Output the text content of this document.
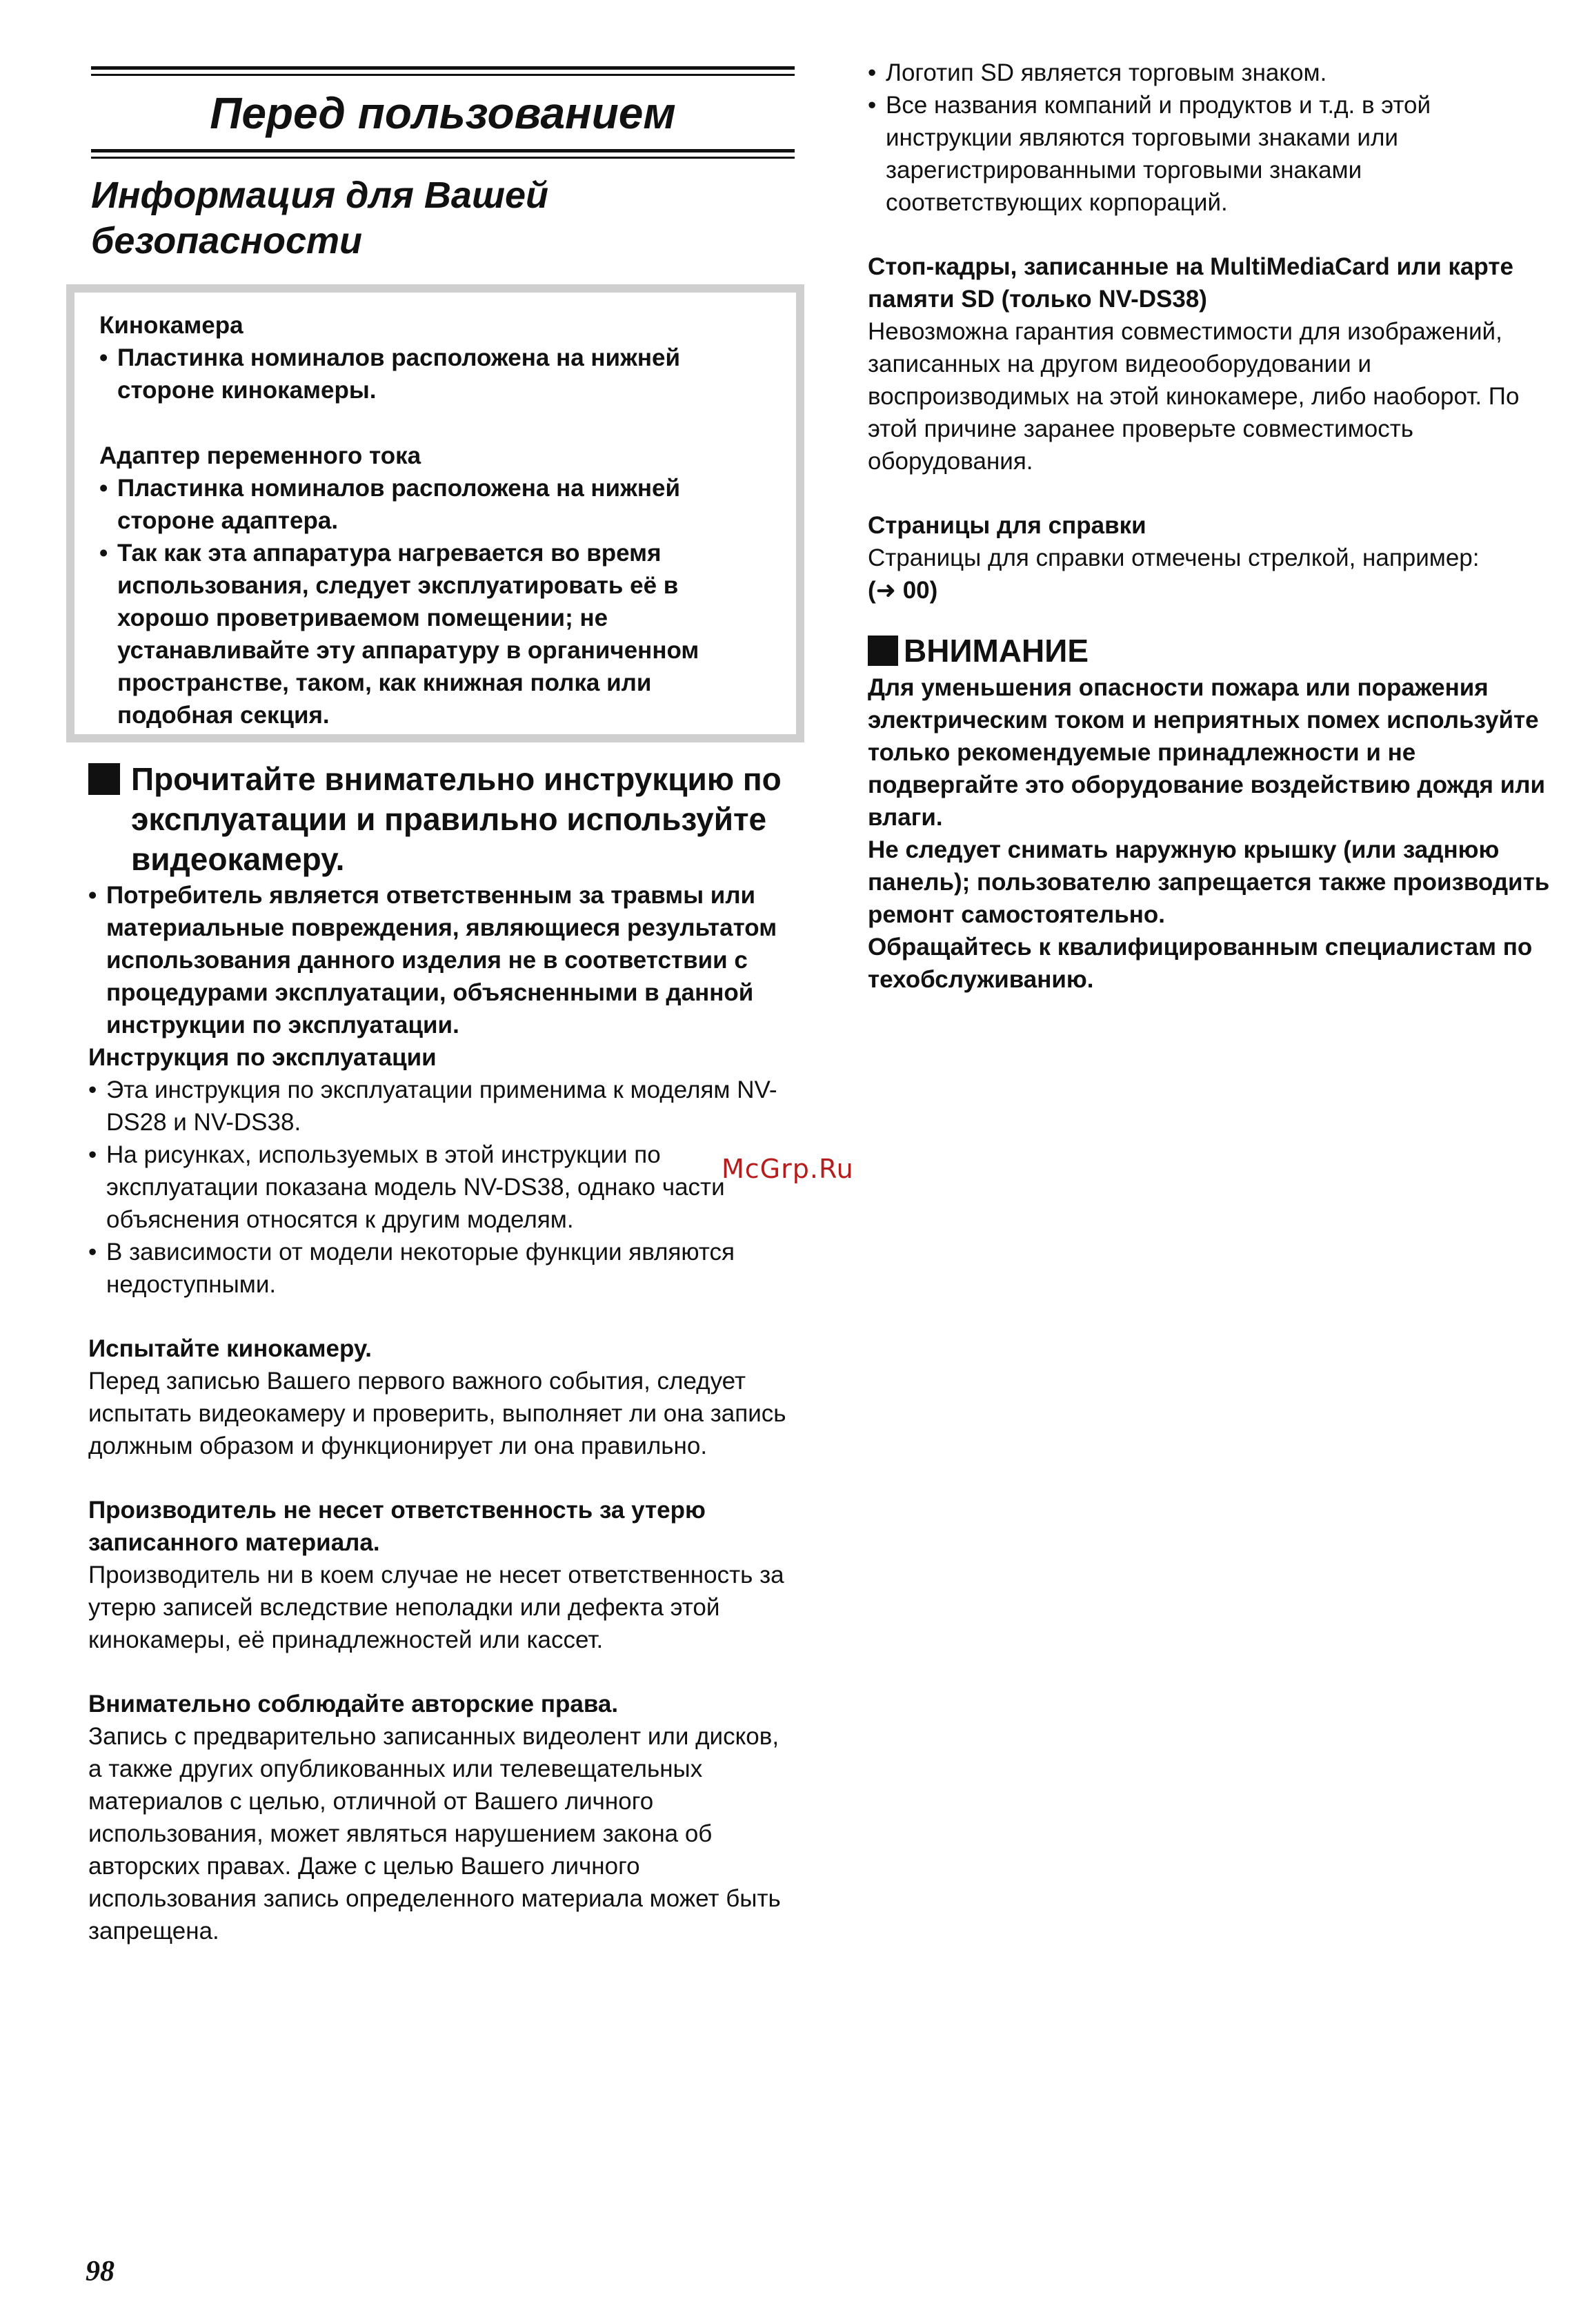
Перед пользованием
Информация для Вашей безопасности
Кинокамера
• Пластинка номиналов расположена на нижней стороне кинокамеры.
Адаптер переменного тока
• Пластинка номиналов расположена на нижней стороне адаптера.
• Так как эта аппаратура нагревается во время использования, следует эксплуатировать её в хорошо проветриваемом помещении; не устанавливайте эту аппаратуру в органиченном пространстве, таком, как книжная полка или подобная секция.
Прочитайте внимательно инструкцию по эксплуатации и правильно используйте видеокамеру.
• Потребитель является ответственным за травмы или материальные повреждения, являющиеся результатом использования данного изделия не в соответствии с процедурами эксплуатации, объясненными в данной инструкции по эксплуатации.
Инструкция по эксплуатации
• Эта инструкция по эксплуатации применима к моделям NV-DS28 и NV-DS38.
• На рисунках, используемых в этой инструкции по эксплуатации показана модель NV-DS38, однако части объяснения относятся к другим моделям.
• В зависимости от модели некоторые функции являются недоступными.
Испытайте кинокамеру.
Перед записью Вашего первого важного события, следует испытать видеокамеру и проверить, выполняет ли она запись должным образом и функционирует ли она правильно.
Производитель не несет ответственность за утерю записанного материала.
Производитель ни в коем случае не несет ответственность за утерю записей вследствие неполадки или дефекта этой кинокамеры, её принадлежностей или кассет.
Внимательно соблюдайте авторские права.
Запись с предварительно записанных видеолент или дисков, а также других опубликованных или телевещательных материалов с целью, отличной от Вашего личного использования, может являться нарушением закона об авторских правах. Даже с целью Вашего личного использования запись определенного материала может быть запрещена.
• Логотип SD является торговым знаком.
• Все названия компаний и продуктов и т.д. в этой инструкции являются торговыми знаками или зарегистрированными торговыми знаками соответствующих корпораций.
Стоп-кадры, записанные на MultiMediaCard или карте памяти SD (только NV-DS38)
Невозможна гарантия совместимости для изображений, записанных на другом видеооборудовании и воспроизводимых на этой кинокамере, либо наоборот. По этой причине заранее проверьте совместимость оборудования.
Страницы для справки
Страницы для справки отмечены стрелкой, например:
(➜ 00)
ВНИМАНИЕ
Для уменьшения опасности пожара или поражения электрическим током и неприятных помех используйте только рекомендуемые принадлежности и не подвергайте это оборудование воздействию дождя или влаги.
Не следует снимать наружную крышку (или заднюю панель); пользователю запрещается также производить ремонт самостоятельно.
Обращайтесь к квалифицированным специалистам по техобслуживанию.
McGrp.Ru
98
